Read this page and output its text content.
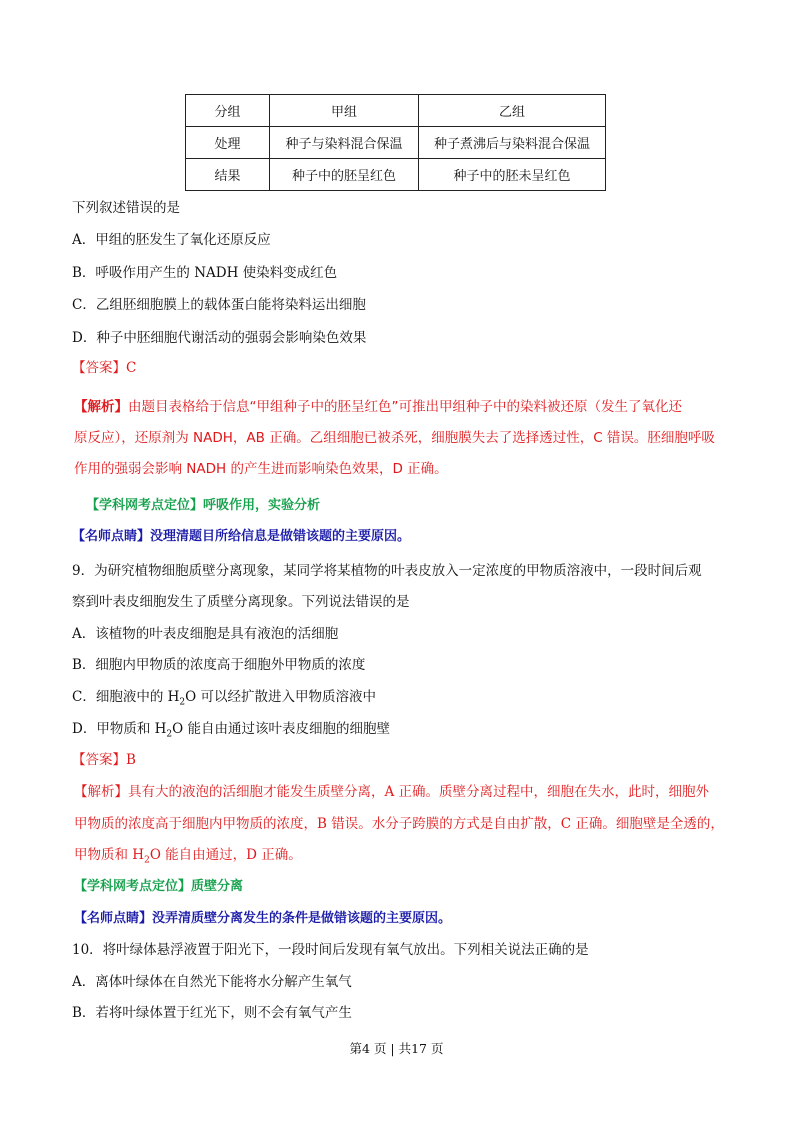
分组	甲组	乙组
处理	种子与染料混合保温	种子煮沸后与染料混合保温
结果	种子中的胚呈红色	种子中的胚未呈红色
下列叙述错误的是
A．甲组的胚发生了氧化还原反应
B．呼吸作用产生的 NADH 使染料变成红色
C．乙组胚细胞膜上的载体蛋白能将染料运出细胞
D．种子中胚细胞代谢活动的强弱会影响染色效果
【答案】C
【解析】由题目表格给于信息“甲组种子中的胚呈红色”可推出甲组种子中的染料被还原（发生了氧化还
原反应），还原剂为 NADH，AB 正确。乙组细胞已被杀死，细胞膜失去了选择透过性，C 错误。胚细胞呼吸
作用的强弱会影响 NADH 的产生进而影响染色效果，D 正确。
【学科网考点定位】呼吸作用，实验分析
【名师点睛】没理清题目所给信息是做错该题的主要原因。
9．为研究植物细胞质壁分离现象，某同学将某植物的叶表皮放入一定浓度的甲物质溶液中，一段时间后观
察到叶表皮细胞发生了质壁分离现象。下列说法错误的是
A．该植物的叶表皮细胞是具有液泡的活细胞
B．细胞内甲物质的浓度高于细胞外甲物质的浓度
C．细胞液中的 $H_2O$ 可以经扩散进入甲物质溶液中
D．甲物质和 $H_2O$ 能自由通过该叶表皮细胞的细胞壁
【答案】B
【解析】具有大的液泡的活细胞才能发生质壁分离，A 正确。质壁分离过程中，细胞在失水，此时，细胞外
甲物质的浓度高于细胞内甲物质的浓度，B 错误。水分子跨膜的方式是自由扩散，C 正确。细胞壁是全透的，
甲物质和 $H_2O$ 能自由通过，D 正确。
【学科网考点定位】质壁分离
【名师点睛】没弄清质壁分离发生的条件是做错该题的主要原因。
10．将叶绿体悬浮液置于阳光下，一段时间后发现有氧气放出。下列相关说法正确的是
A．离体叶绿体在自然光下能将水分解产生氧气
B．若将叶绿体置于红光下，则不会有氧气产生
第4 页 | 共17 页
